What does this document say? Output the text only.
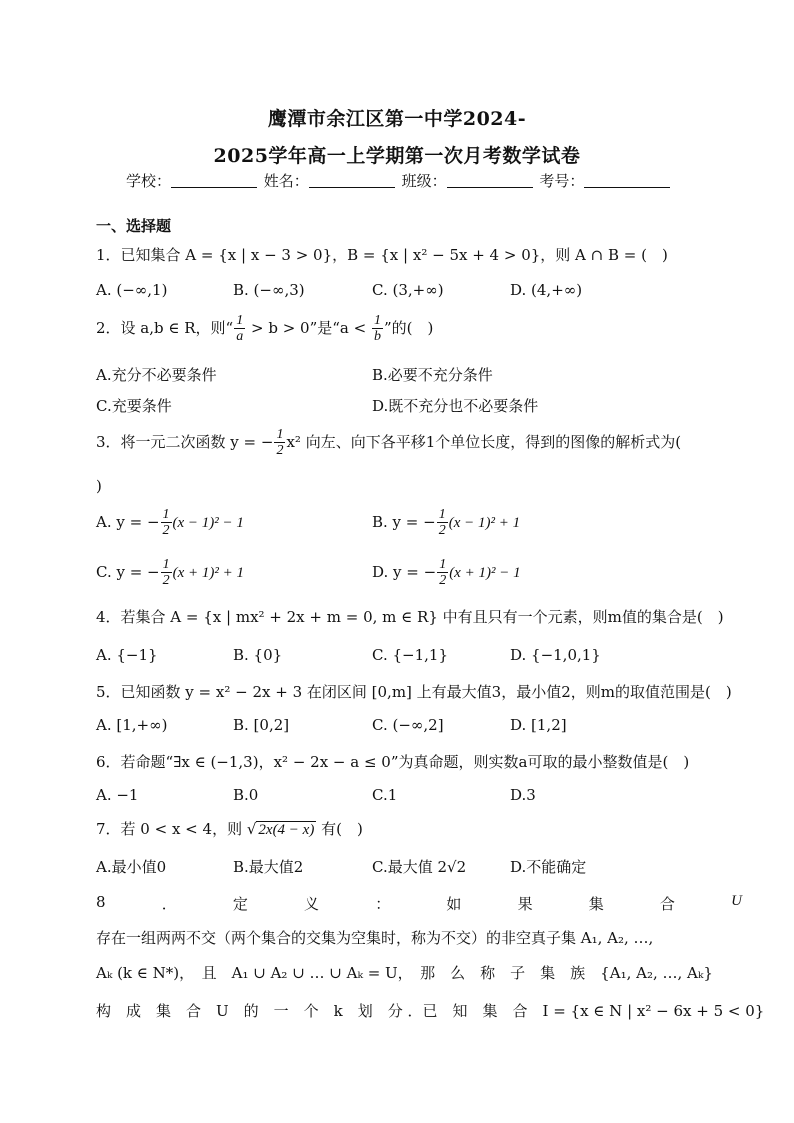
鹰潭市余江区第一中学2024-
2025学年高一上学期第一次月考数学试卷
学校：	姓名：	班级：	考号：
一、选择题
1．已知集合 A = {x | x − 3 > 0}，B = {x | x² − 5x + 4 > 0}，则 A ∩ B = (　)
A. (−∞,1)	B. (−∞,3)	C. (3,+∞)	D. (4,+∞)
2．设 a,b ∈ R，则“ $\frac{1}{a} > b > 0$”是“$a < \frac{1}{b}$ ”的(　)
A.充分不必要条件	B.必要不充分条件
C.充要条件	D.既不充分也不必要条件
3．将一元二次函数 y = − $\frac{1}{2} x^2$ 向左、向下各平移1个单位长度，得到的图像的解析式为(
)
A. y = − $\frac{1}{2} (x - 1)^2 - 1$	B. y = − $\frac{1}{2} (x - 1)^2 + 1$
C. y = − $\frac{1}{2} (x + 1)^2 + 1$	D. y = − $\frac{1}{2} (x + 1)^2 - 1$
4．若集合 A = {x | mx² + 2x + m = 0, m ∈ R} 中有且只有一个元素，则m值的集合是(　)
A. {−1}	B. {0}	C. {−1,1}	D. {−1,0,1}
5．已知函数 y = x² − 2x + 3 在闭区间 [0,m] 上有最大值3，最小值2，则m的取值范围是(　)
A. [1,+∞)	B. [0,2]	C. (−∞,2]	D. [1,2]
6．若命题“∃x ∈ (−1,3)，x² − 2x − a ≤ 0”为真命题，则实数a可取的最小整数值是(　)
A. −1	B.0	C.1	D.3
7．若 0 < x < 4，则 √ 2x(4 − x) 有(　)
A.最小值0	B.最大值2	C.最大值 2√2	D.不能确定
8	．	定	义	：	如	果	集	合	U
存在一组两两不交（两个集合的交集为空集时，称为不交）的非空真子集 A₁, A₂, …,
Aₖ (k ∈ N*)，　且　A₁ ∪ A₂ ∪ … ∪ Aₖ = U，　那　么　称　子　集　族　{A₁, A₂, …, Aₖ}
构　成　集　合　U　的　一　个　k　划　分 ．已　知　集　合　I = {x ∈ N | x² − 6x + 5 < 0}
